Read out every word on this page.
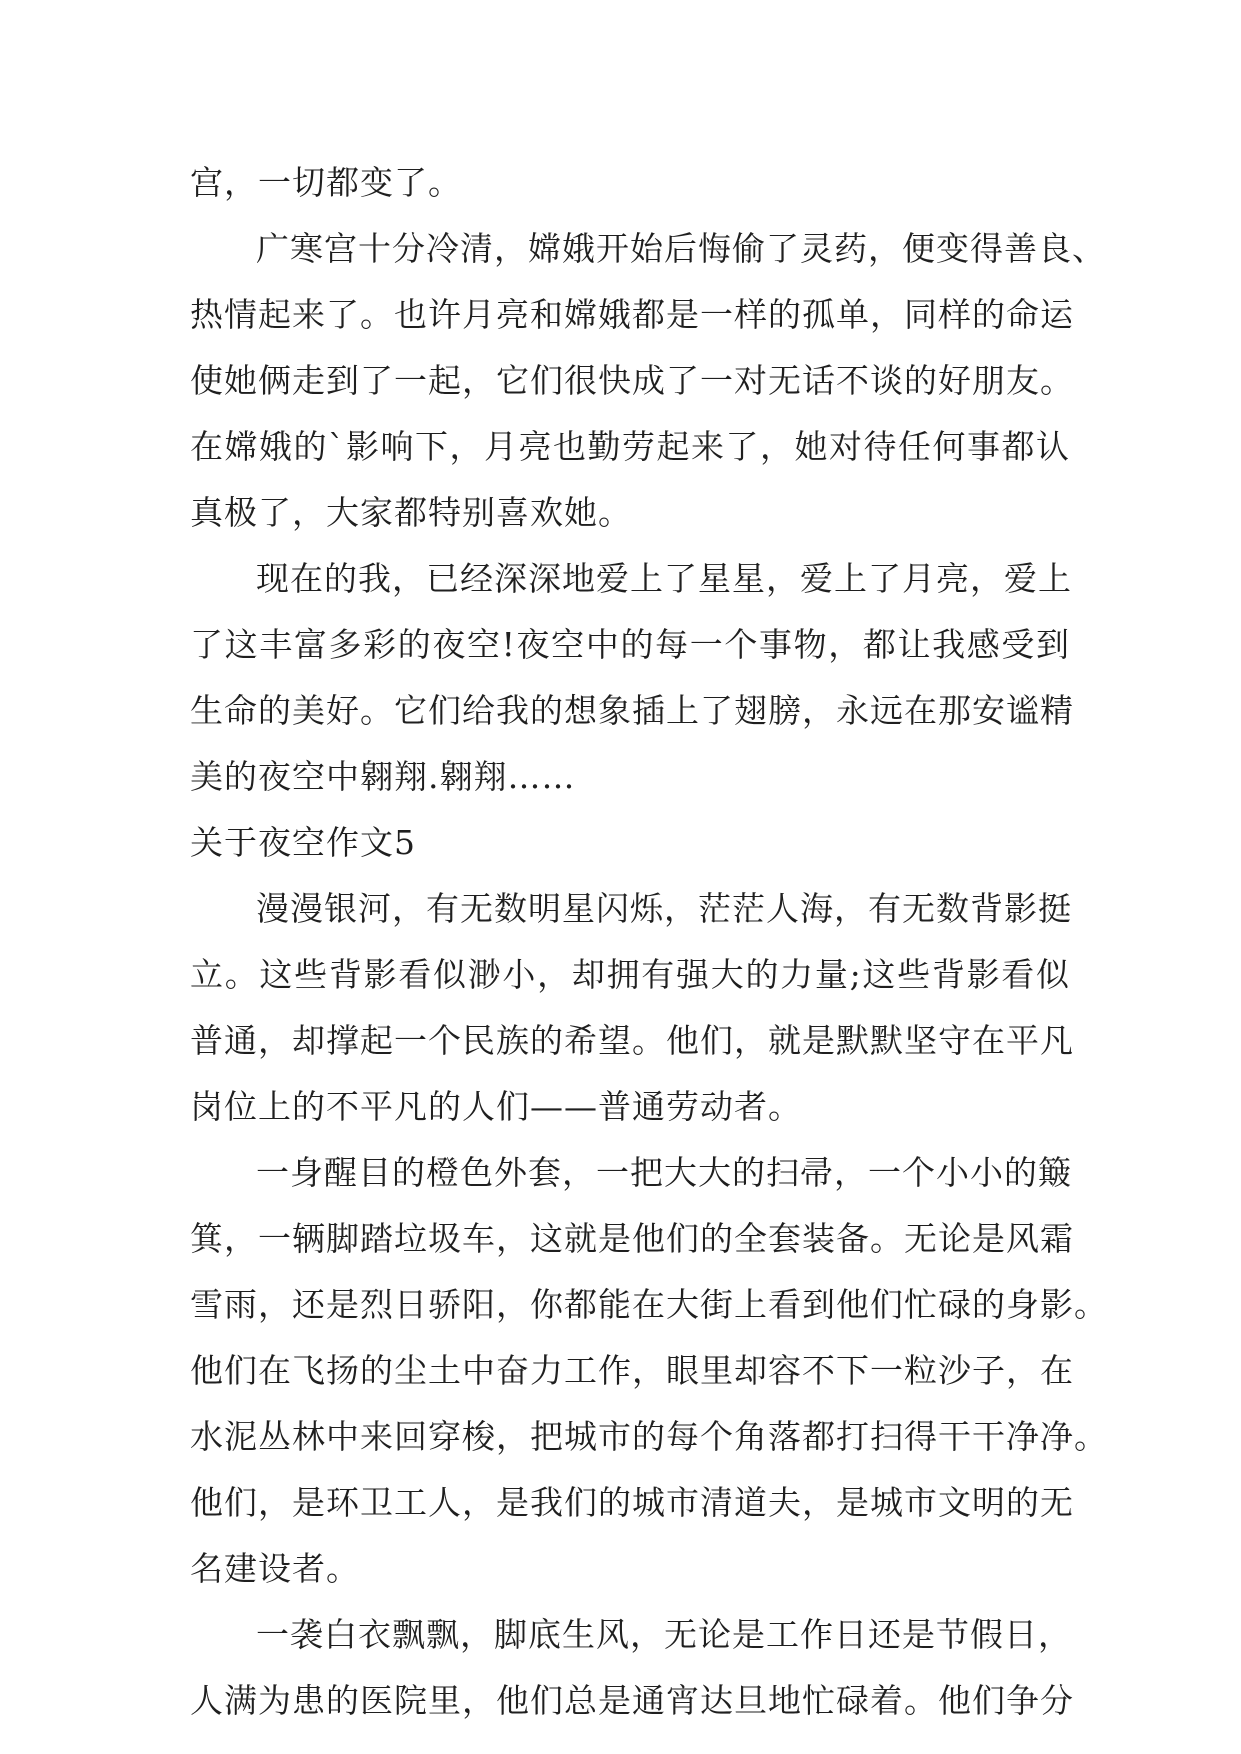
宫，一切都变了。
广寒宫十分冷清，嫦娥开始后悔偷了灵药，便变得善良、
热情起来了。也许月亮和嫦娥都是一样的孤单，同样的命运
使她俩走到了一起，它们很快成了一对无话不谈的好朋友。
在嫦娥的`影响下，月亮也勤劳起来了，她对待任何事都认
真极了，大家都特别喜欢她。
现在的我，已经深深地爱上了星星，爱上了月亮，爱上
了这丰富多彩的夜空!夜空中的每一个事物，都让我感受到
生命的美好。它们给我的想象插上了翅膀，永远在那安谧精
美的夜空中翱翔.翱翔……
关于夜空作文5
漫漫银河，有无数明星闪烁，茫茫人海，有无数背影挺
立。这些背影看似渺小，却拥有强大的力量;这些背影看似
普通，却撑起一个民族的希望。他们，就是默默坚守在平凡
岗位上的不平凡的人们——普通劳动者。
一身醒目的橙色外套，一把大大的扫帚，一个小小的簸
箕，一辆脚踏垃圾车，这就是他们的全套装备。无论是风霜
雪雨，还是烈日骄阳，你都能在大街上看到他们忙碌的身影。
他们在飞扬的尘土中奋力工作，眼里却容不下一粒沙子，在
水泥丛林中来回穿梭，把城市的每个角落都打扫得干干净净。
他们，是环卫工人，是我们的城市清道夫，是城市文明的无
名建设者。
一袭白衣飘飘，脚底生风，无论是工作日还是节假日，
人满为患的医院里，他们总是通宵达旦地忙碌着。他们争分
